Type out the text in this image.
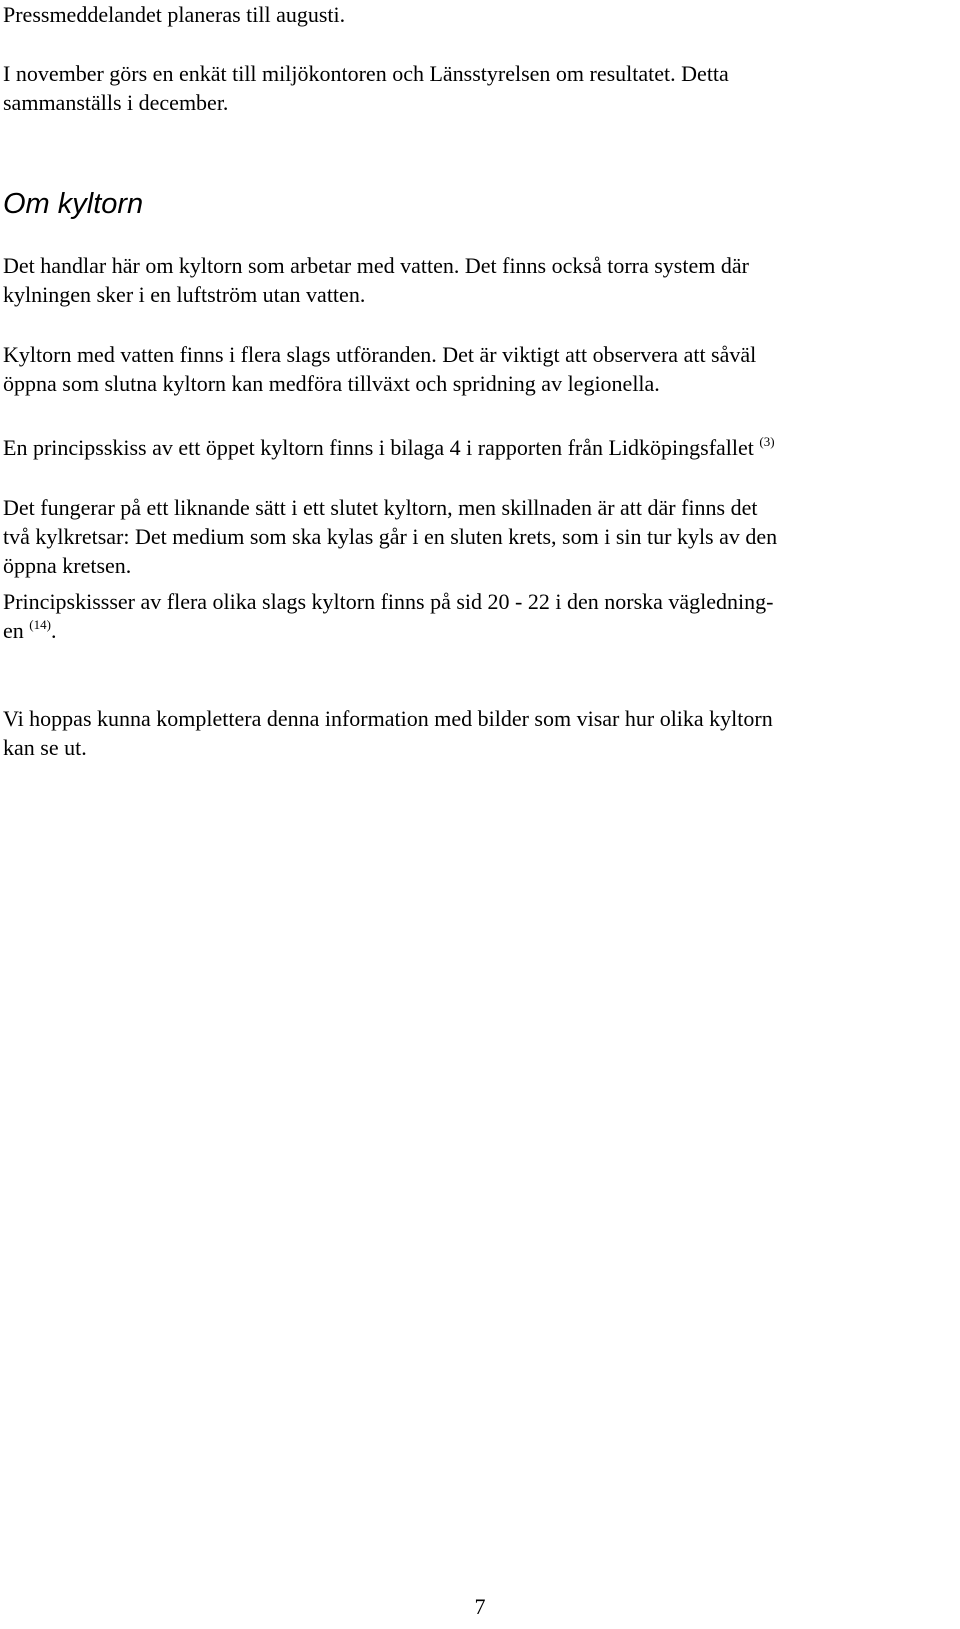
Pressmeddelandet planeras till augusti.

I november görs en enkät till miljökontoren och Länsstyrelsen om resultatet. Detta
sammanställs i december.

Om kyltorn

Det handlar här om kyltorn som arbetar med vatten. Det finns också torra system där
kylningen sker i en luftström utan vatten.

Kyltorn med vatten finns i flera slags utföranden. Det är viktigt att observera att såväl
öppna som slutna kyltorn kan medföra tillväxt och spridning av legionella.

En principsskiss av ett öppet kyltorn finns i bilaga 4 i rapporten från Lidköpingsfallet $^{(3)}$

Det fungerar på ett liknande sätt i ett slutet kyltorn, men skillnaden är att där finns det
två kylkretsar: Det medium som ska kylas går i en sluten krets, som i sin tur kyls av den
öppna kretsen.

Principskissser av flera olika slags kyltorn finns på sid 20 - 22 i den norska vägledning-
en $^{(14)}$.

Vi hoppas kunna komplettera denna information med bilder som visar hur olika kyltorn
kan se ut.

7
